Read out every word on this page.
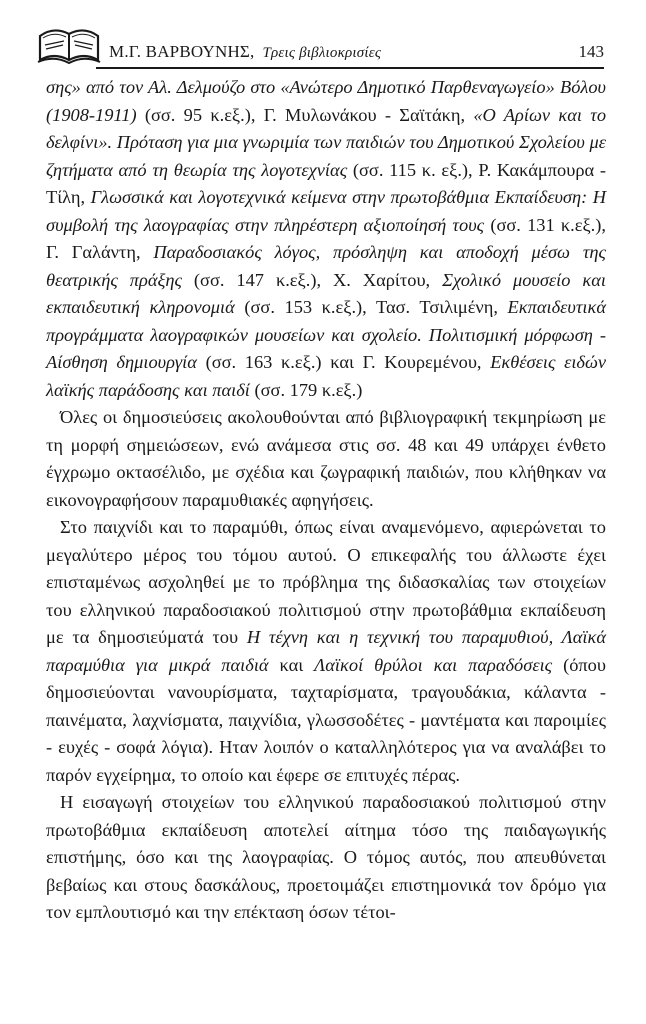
Μ.Γ. ΒΑΡΒΟΥΝΗΣ, Τρεις βιβλιοκρισίες	143

σης» από τον Αλ. Δελμούζο στο «Ανώτερο Δημοτικό Παρθεναγωγείο» Βόλου (1908-1911) (σσ. 95 κ.εξ.), Γ. Μυλωνάκου - Σαϊτάκη, «Ο Αρίων και το δελφίνι». Πρόταση για μια γνωριμία των παιδιών του Δημοτικού Σχολείου με ζητήματα από τη θεωρία της λογοτεχνίας (σσ. 115 κ. εξ.), Ρ. Κακάμπουρα - Τίλη, Γλωσσικά και λογοτεχνικά κείμενα στην πρωτοβάθμια Εκπαίδευση: Η συμβολή της λαογραφίας στην πληρέστερη αξιοποίησή τους (σσ. 131 κ.εξ.), Γ. Γαλάντη, Παραδοσιακός λόγος, πρόσληψη και αποδοχή μέσω της θεατρικής πράξης (σσ. 147 κ.εξ.), Χ. Χαρίτου, Σχολικό μουσείο και εκπαιδευτική κληρονομιά (σσ. 153 κ.εξ.), Τασ. Τσιλιμένη, Εκπαιδευτικά προγράμματα λαογραφικών μουσείων και σχολείο. Πολιτισμική μόρφωση - Αίσθηση δημιουργία (σσ. 163 κ.εξ.) και Γ. Κουρεμένου, Εκθέσεις ειδών λαϊκής παράδοσης και παιδί (σσ. 179 κ.εξ.)

Όλες οι δημοσιεύσεις ακολουθούνται από βιβλιογραφική τεκμηρίωση με τη μορφή σημειώσεων, ενώ ανάμεσα στις σσ. 48 και 49 υπάρχει ένθετο έγχρωμο οκτασέλιδο, με σχέδια και ζωγραφική παιδιών, που κλήθηκαν να εικονογραφήσουν παραμυθιακές αφηγήσεις.

Στο παιχνίδι και το παραμύθι, όπως είναι αναμενόμενο, αφιερώνεται το μεγαλύτερο μέρος του τόμου αυτού. Ο επικεφαλής του άλλωστε έχει επισταμένως ασχοληθεί με το πρόβλημα της διδασκαλίας των στοιχείων του ελληνικού παραδοσιακού πολιτισμού στην πρωτοβάθμια εκπαίδευση με τα δημοσιεύματά του Η τέχνη και η τεχνική του παραμυθιού, Λαϊκά παραμύθια για μικρά παιδιά και Λαϊκοί θρύλοι και παραδόσεις (όπου δημοσιεύονται νανουρίσματα, ταχταρίσματα, τραγουδάκια, κάλαντα - παινέματα, λαχνίσματα, παιχνίδια, γλωσσοδέτες - μαντέματα και παροιμίες - ευχές - σοφά λόγια). Ηταν λοιπόν ο καταλληλότερος για να αναλάβει το παρόν εγχείρημα, το οποίο και έφερε σε επιτυχές πέρας.

Η εισαγωγή στοιχείων του ελληνικού παραδοσιακού πολιτισμού στην πρωτοβάθμια εκπαίδευση αποτελεί αίτημα τόσο της παιδαγωγικής επιστήμης, όσο και της λαογραφίας. Ο τόμος αυτός, που απευθύνεται βεβαίως και στους δασκάλους, προετοιμάζει επιστημονικά τον δρόμο για τον εμπλουτισμό και την επέκταση όσων τέτοι-
